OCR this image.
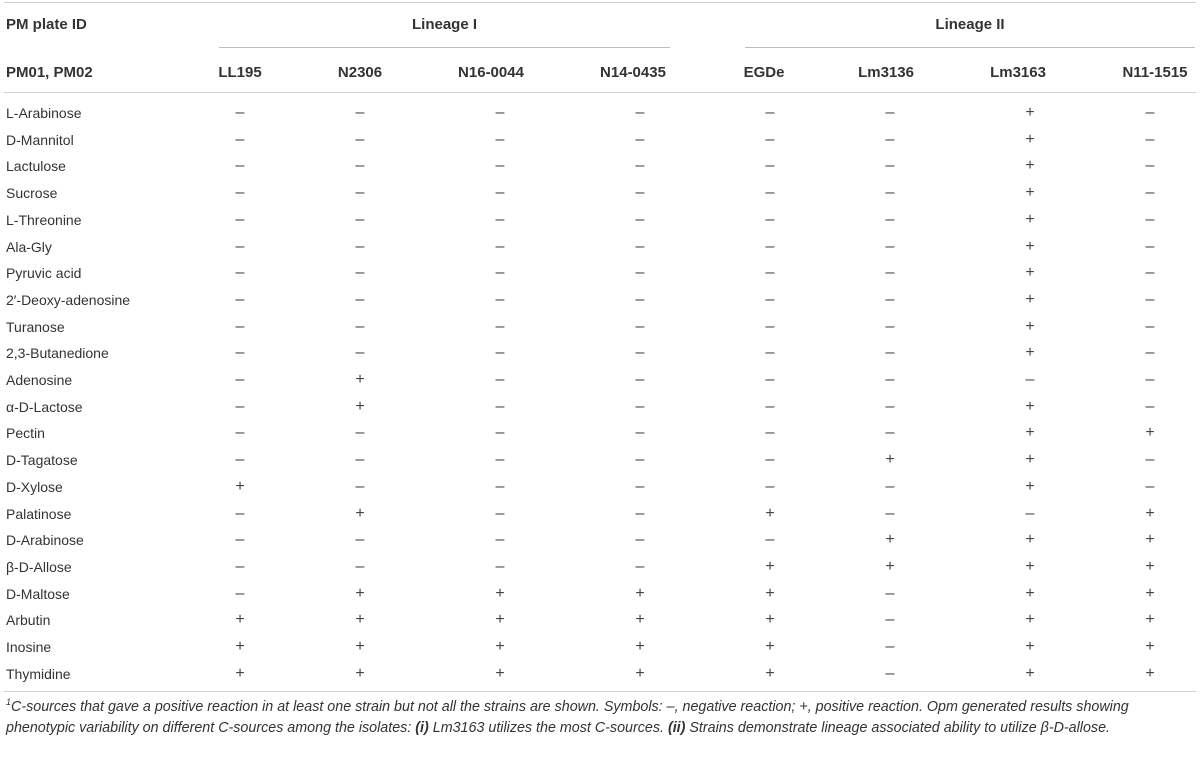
PM plate ID	Lineage I	Lineage II
PM01, PM02	LL195	N2306	N16-0044	N14-0435	EGDe	Lm3136	Lm3163	N11-1515
L-Arabinose	–	–	–	–	–	–	+	–
D-Mannitol	–	–	–	–	–	–	+	–
Lactulose	–	–	–	–	–	–	+	–
Sucrose	–	–	–	–	–	–	+	–
L-Threonine	–	–	–	–	–	–	+	–
Ala-Gly	–	–	–	–	–	–	+	–
Pyruvic acid	–	–	–	–	–	–	+	–
2′-Deoxy-adenosine	–	–	–	–	–	–	+	–
Turanose	–	–	–	–	–	–	+	–
2,3-Butanedione	–	–	–	–	–	–	+	–
Adenosine	–	+	–	–	–	–	–	–
α-D-Lactose	–	+	–	–	–	–	+	–
Pectin	–	–	–	–	–	–	+	+
D-Tagatose	–	–	–	–	–	+	+	–
D-Xylose	+	–	–	–	–	–	+	–
Palatinose	–	+	–	–	+	–	–	+
D-Arabinose	–	–	–	–	–	+	+	+
β-D-Allose	–	–	–	–	+	+	+	+
D-Maltose	–	+	+	+	+	–	+	+
Arbutin	+	+	+	+	+	–	+	+
Inosine	+	+	+	+	+	–	+	+
Thymidine	+	+	+	+	+	–	+	+
$^1$C-sources that gave a positive reaction in at least one strain but not all the strains are shown. Symbols: –, negative reaction; +, positive reaction. Opm generated results showing phenotypic variability on different C-sources among the isolates: (i) Lm3163 utilizes the most C-sources. (ii) Strains demonstrate lineage associated ability to utilize β-D-allose.
